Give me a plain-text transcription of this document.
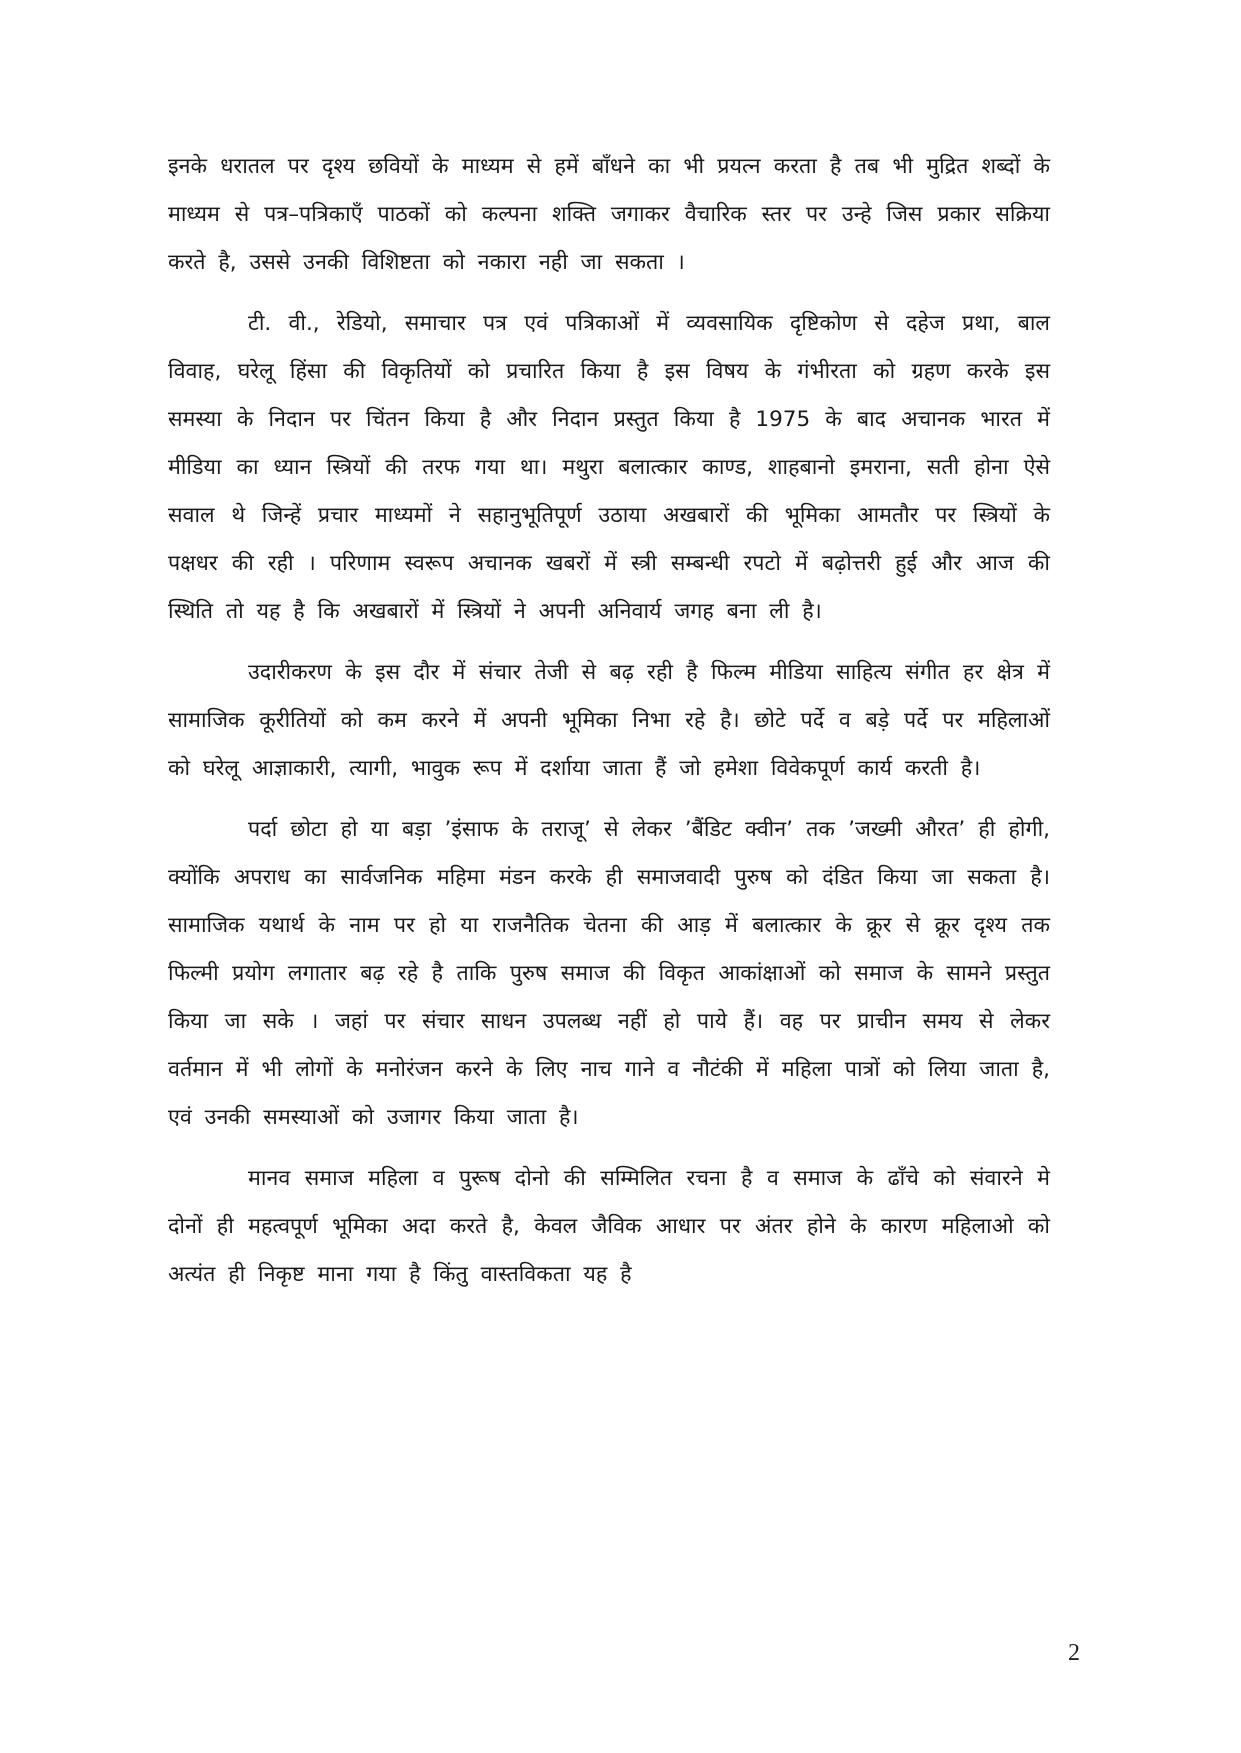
इनके धरातल पर दृश्य छवियों के माध्यम से हमें बाँधने का भी प्रयत्न करता है तब भी मुद्रित शब्दों के माध्यम से पत्र–पत्रिकाएँ पाठकों को कल्पना शक्ति जगाकर वैचारिक स्तर पर उन्हे जिस प्रकार सक्रिया करते है, उससे उनकी विशिष्टता को नकारा नही जा सकता ।

टी. वी., रेडियो, समाचार पत्र एवं पत्रिकाओं में व्यवसायिक दृष्टिकोण से दहेज प्रथा, बाल विवाह, घरेलू हिंसा की विकृतियों को प्रचारित किया है इस विषय के गंभीरता को ग्रहण करके इस समस्या के निदान पर चिंतन किया है और निदान प्रस्तुत किया है 1975 के बाद अचानक भारत में मीडिया का ध्यान स्त्रियों की तरफ गया था। मथुरा बलात्कार काण्ड, शाहबानो इमराना, सती होना ऐसे सवाल थे जिन्हें प्रचार माध्यमों ने सहानुभूतिपूर्ण उठाया अखबारों की भूमिका आमतौर पर स्त्रियों के पक्षधर की रही । परिणाम स्वरूप अचानक खबरों में स्त्री सम्बन्धी रपटो में बढ़ोत्तरी हुई और आज की स्थिति तो यह है कि अखबारों में स्त्रियों ने अपनी अनिवार्य जगह बना ली है।

उदारीकरण के इस दौर में संचार तेजी से बढ़ रही है फिल्म मीडिया साहित्य संगीत हर क्षेत्र में सामाजिक कूरीतियों को कम करने में अपनी भूमिका निभा रहे है। छोटे पर्दे व बड़े पर्दे पर महिलाओं को घरेलू आज्ञाकारी, त्यागी, भावुक रूप में दर्शाया जाता हैं जो हमेशा विवेकपूर्ण कार्य करती है।

पर्दा छोटा हो या बड़ा ’इंसाफ के तराजू’ से लेकर ’बैंडिट क्वीन’ तक ’जख्मी औरत’ ही होगी, क्योंकि अपराध का सार्वजनिक महिमा मंडन करके ही समाजवादी पुरुष को दंडित किया जा सकता है। सामाजिक यथार्थ के नाम पर हो या राजनैतिक चेतना की आड़ में बलात्कार के क्रूर से क्रूर दृश्य तक फिल्मी प्रयोग लगातार बढ़ रहे है ताकि पुरुष समाज की विकृत आकांक्षाओं को समाज के सामने प्रस्तुत किया जा सके । जहां पर संचार साधन उपलब्ध नहीं हो पाये हैं। वह पर प्राचीन समय से लेकर वर्तमान में भी लोगों के मनोरंजन करने के लिए नाच गाने व नौटंकी में महिला पात्रों को लिया जाता है, एवं उनकी समस्याओं को उजागर किया जाता है।

मानव समाज महिला व पुरूष दोनो की सम्मिलित रचना है व समाज के ढाँचे को संवारने मे दोनों ही महत्वपूर्ण भूमिका अदा करते है, केवल जैविक आधार पर अंतर होने के कारण महिलाओ को अत्यंत ही निकृष्ट माना गया है किंतु वास्तविकता यह है

2
